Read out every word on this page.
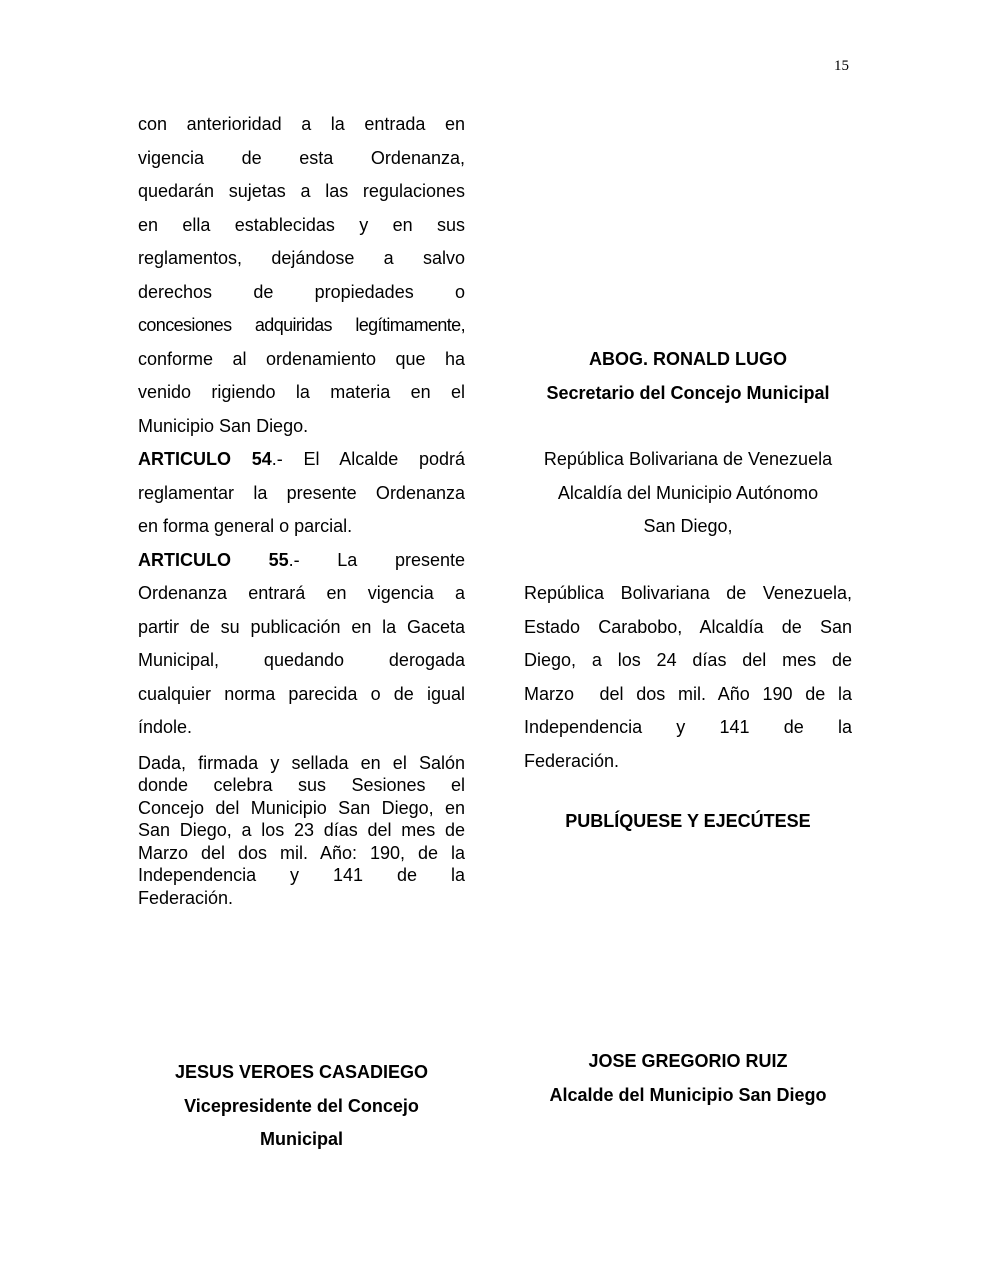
15
con anterioridad a la entrada en
vigencia de esta Ordenanza,
quedarán sujetas a las regulaciones
en ella establecidas y en sus
reglamentos, dejándose a salvo
derechos de propiedades o
concesiones adquiridas legítimamente,
conforme al ordenamiento que ha
venido rigiendo la materia en el
Municipio San Diego.
ARTICULO 54.- El Alcalde podrá
reglamentar la presente Ordenanza
en forma general o parcial.
ARTICULO 55.- La presente
Ordenanza entrará en vigencia a
partir de su publicación en la Gaceta
Municipal, quedando derogada
cualquier norma parecida o de igual
índole.
Dada, firmada y sellada en el Salón
donde celebra sus Sesiones el
Concejo del Municipio San Diego, en
San Diego, a los 23 días del mes de
Marzo del dos mil. Año: 190, de la
Independencia y 141 de la
Federación.
ABOG. RONALD LUGO
Secretario del Concejo Municipal
República Bolivariana de Venezuela
Alcaldía del Municipio Autónomo
San Diego,
República Bolivariana de Venezuela,
Estado Carabobo, Alcaldía de San
Diego, a los 24 días del mes de
Marzo  del dos mil. Año 190 de la
Independencia y 141 de la
Federación.
PUBLÍQUESE Y EJECÚTESE
JESUS VEROES CASADIEGO
Vicepresidente del Concejo
Municipal
JOSE GREGORIO RUIZ
Alcalde del Municipio San Diego
